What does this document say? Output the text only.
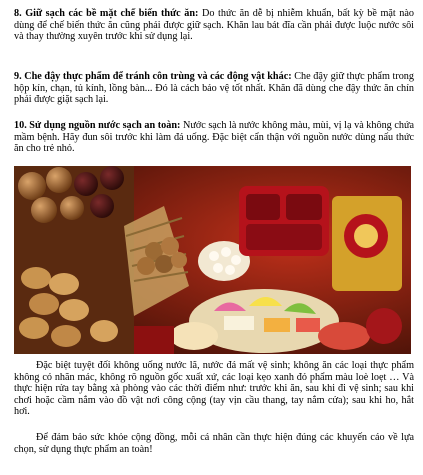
8. Giữ sạch các bề mặt chế biến thức ăn: Do thức ăn dễ bị nhiễm khuẩn, bất kỳ bề mặt nào dùng để chế biến thức ăn cũng phải được giữ sạch. Khăn lau bát đĩa cần phải được luộc nước sôi và thay thường xuyên trước khi sử dụng lại.

9. Che đậy thực phẩm để tránh côn trùng và các động vật khác: Che đậy giữ thực phẩm trong hộp kín, chạn, tủ kính, lồng bàn... Đó là cách bảo vệ tốt nhất. Khăn đã dùng che đậy thức ăn chín phải được giặt sạch lại.

10. Sử dụng nguồn nước sạch an toàn: Nước sạch là nước không màu, mùi, vị lạ và không chứa mầm bệnh. Hãy đun sôi trước khi làm đá uống. Đặc biệt cẩn thận với nguồn nước dùng nấu thức ăn cho trẻ nhỏ.

Đặc biệt tuyệt đối không uống nước lã, nước đá mất vệ sinh; không ăn các loại thực phẩm không có nhãn mác, không rõ nguồn gốc xuất xứ, các loại kẹo xanh đỏ phẩm màu loè loẹt … Và thực hiện rửa tay bằng xà phòng vào các thời điểm như: trước khi ăn, sau khi đi vệ sinh; sau khi chơi hoặc cầm nắm vào đồ vật nơi công cộng (tay vịn cầu thang, tay nắm cửa); sau khi ho, hắt hơi.

Để đảm bảo sức khỏe cộng đồng, mỗi cá nhân cần thực hiện đúng các khuyến cáo về lựa chọn, sử dụng thực phẩm an toàn!
